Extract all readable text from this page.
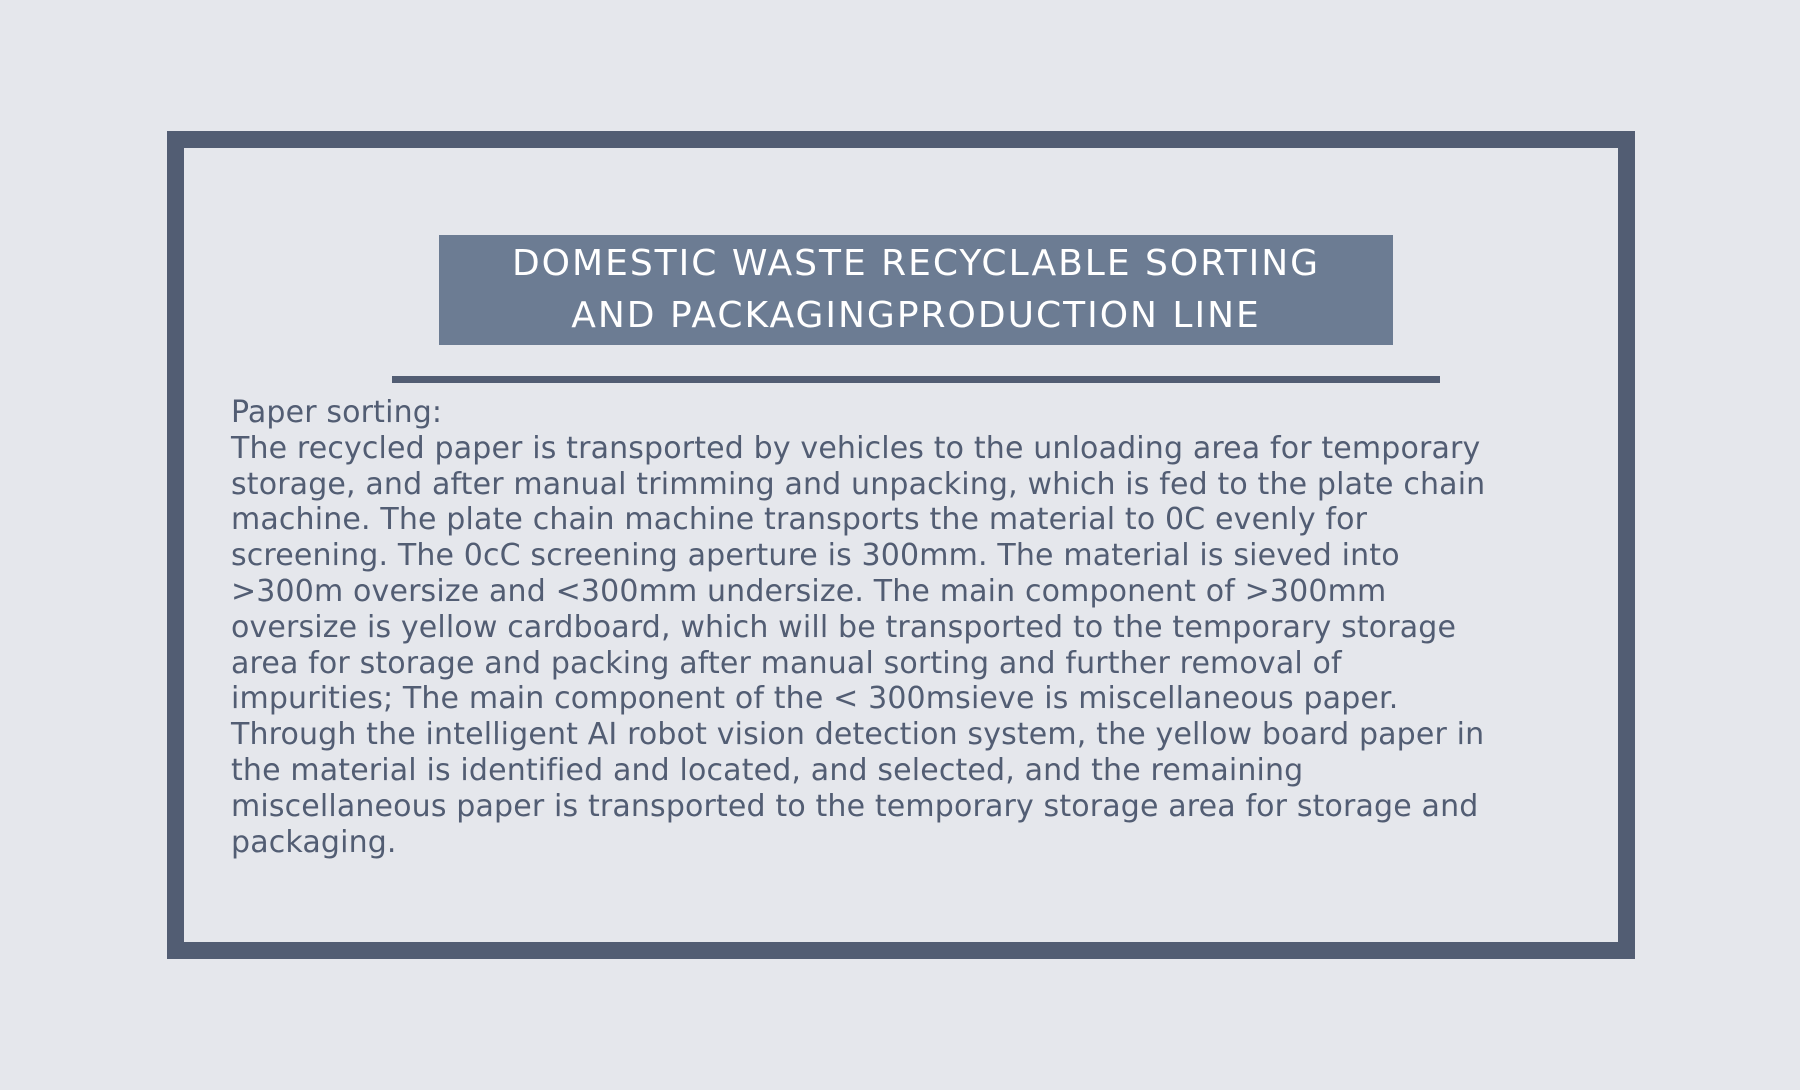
DOMESTIC WASTE RECYCLABLE SORTING
AND PACKAGINGPRODUCTION LINE
Paper sorting:
The recycled paper is transported by vehicles to the unloading area for temporary
storage, and after manual trimming and unpacking, which is fed to the plate chain
machine. The plate chain machine transports the material to 0C evenly for
screening. The 0cC screening aperture is 300mm. The material is sieved into
>300m oversize and <300mm undersize. The main component of >300mm
oversize is yellow cardboard, which will be transported to the temporary storage
area for storage and packing after manual sorting and further removal of
impurities; The main component of the < 300msieve is miscellaneous paper.
Through the intelligent AI robot vision detection system, the yellow board paper in
the material is identified and located, and selected, and the remaining
miscellaneous paper is transported to the temporary storage area for storage and
packaging.
